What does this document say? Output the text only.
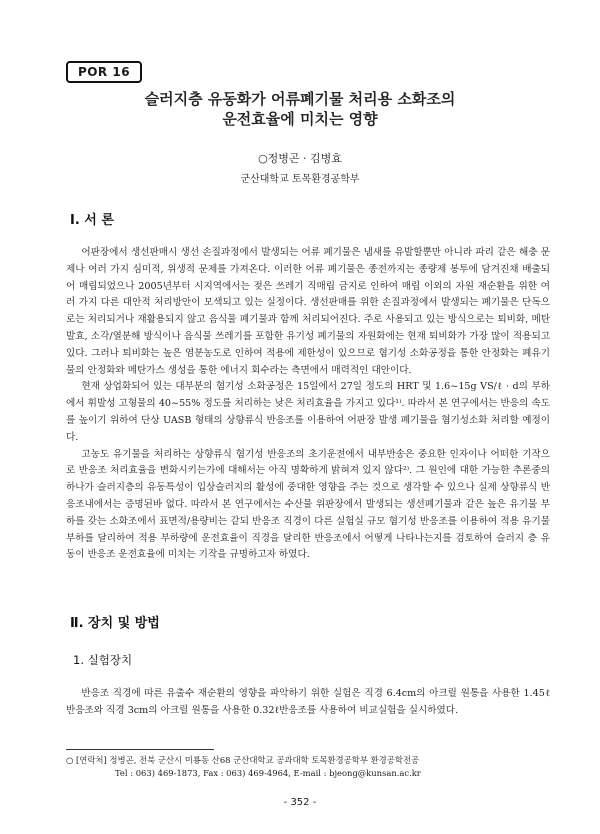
POR 16
슬러지층 유동화가 어류폐기물 처리용 소화조의
운전효율에 미치는 영향
○정병곤 · 김병효
군산대학교 토목환경공학부
Ⅰ. 서 론

어판장에서 생선판매시 생선 손질과정에서 발생되는 어류 폐기물은 냄새를 유발할뿐만 아니라 파리 같은 해충 문제나 여러 가지 심미적, 위생적 문제를 가져온다. 이러한 어류 폐기물은 종전까지는 종량제 봉투에 담겨진채 배출되어 매립되었으나 2005년부터 시지역에서는 젖은 쓰레기 직매립 금지로 인하여 매립 이외의 자원 재순환을 위한 여러 가지 다른 대안적 처리방안이 모색되고 있는 실정이다. 생선판매를 위한 손질과정에서 발생되는 폐기물은 단독으로는 처리되거나 재활용되지 않고 음식물 폐기물과 함께 처리되어진다. 주로 사용되고 있는 방식으로는 퇴비화, 메탄발효, 소각/열분해 방식이나 음식물 쓰레기를 포함한 유기성 폐기물의 자원화에는 현재 퇴비화가 가장 많이 적용되고 있다. 그러나 퇴비화는 높은 염분농도로 인하여 적용에 제한성이 있으므로 혐기성 소화공정을 통한 안정화는 폐유기물의 안정화와 메탄가스 생성을 통한 에너지 회수라는 측면에서 매력적인 대안이다.

현재 상업화되어 있는 대부분의 혐기성 소화공정은 15일에서 27일 정도의 HRT 및 1.6~15g VS/ℓ · d의 부하에서 휘발성 고형물의 40~55% 정도를 처리하는 낮은 처리효율을 가지고 있다¹⁾. 따라서 본 연구에서는 반응의 속도를 높이기 위하여 단상 UASB 형태의 상향류식 반응조를 이용하여 어판장 발생 폐기물을 혐기성소화 처리할 예정이다.

고농도 유기물을 처리하는 상향류식 혐기성 반응조의 초기운전에서 내부반송은 중요한 인자이나 어떠한 기작으로 반응조 처리효율을 변화시키는가에 대해서는 아직 명확하게 밝혀져 있지 않다²⁾. 그 원인에 대한 가능한 추론중의 하나가 슬러지층의 유동특성이 입상슬러지의 활성에 중대한 영향을 주는 것으로 생각할 수 있으나 실제 상향류식 반응조내에서는 증명된바 없다. 따라서 본 연구에서는 수산물 위판장에서 발생되는 생선폐기물과 같은 높은 유기물 부하를 갖는 소화조에서 표면적/용량비는 같되 반응조 직경이 다른 실험실 규모 혐기성 반응조를 이용하여 적용 유기물 부하를 달리하여 적용 부하량에 운전효율이 직경을 달리한 반응조에서 어떻게 나타나는지를 검토하여 슬러지 층 유동이 반응조 운전효율에 미치는 기작을 규명하고자 하였다.

Ⅱ. 장치 및 방법
1. 실험장치

반응조 직경에 따른 유출수 재순환의 영향을 파악하기 위한 실험은 직경 6.4cm의 아크릴 원통을 사용한 1.45ℓ반응조와 직경 3cm의 아크릴 원통을 사용한 0.32ℓ반응조를 사용하여 비교실험을 실시하였다.

○ [연락처] 정병곤, 전북 군산시 미룡동 산68 군산대학교 공과대학 토목환경공학부 환경공학전공
Tel : 063) 469-1873, Fax : 063) 469-4964, E-mail : bjeong@kunsan.ac.kr
- 352 -
